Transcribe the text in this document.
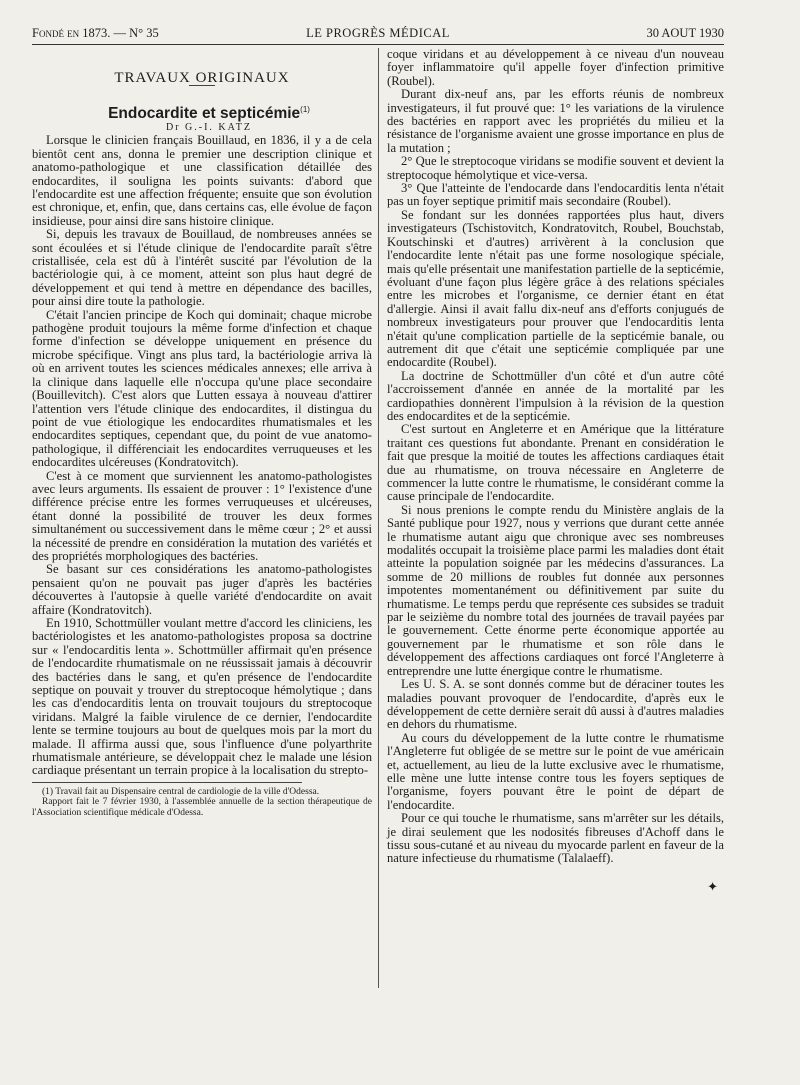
Fondé en 1873. — N° 35	LE PROGRÈS MÉDICAL	30 AOUT 1930

TRAVAUX ORIGINAUX

Endocardite et septicémie$^{(1)}$

Dr G.-I. KATZ

Lorsque le clinicien français Bouillaud, en 1836, il y a de cela bientôt cent ans, donna le premier une description clinique et anatomo-pathologique et une classification détaillée des endocardites, il souligna les points suivants: d'abord que l'endocardite est une affection fréquente; ensuite que son évolution est chronique, et, enfin, que, dans certains cas, elle évolue de façon insidieuse, pour ainsi dire sans histoire clinique.

Si, depuis les travaux de Bouillaud, de nombreuses années se sont écoulées et si l'étude clinique de l'endocardite paraît s'être cristallisée, cela est dû à l'intérêt suscité par l'évolution de la bactériologie qui, à ce moment, atteint son plus haut degré de développement et qui tend à mettre en dépendance des bacilles, pour ainsi dire toute la pathologie.

C'était l'ancien principe de Koch qui dominait; chaque microbe pathogène produit toujours la même forme d'infection et chaque forme d'infection se développe uniquement en présence du microbe spécifique. Vingt ans plus tard, la bactériologie arriva là où en arrivent toutes les sciences médicales annexes; elle arriva à la clinique dans laquelle elle n'occupa qu'une place secondaire (Bouillevitch). C'est alors que Lutten essaya à nouveau d'attirer l'attention vers l'étude clinique des endocardites, il distingua du point de vue étiologique les endocardites rhumatismales et les endocardites septiques, cependant que, du point de vue anatomo-pathologique, il différenciait les endocardites verruqueuses et les endocardites ulcéreuses (Kondratovitch).

C'est à ce moment que surviennent les anatomo-pathologistes avec leurs arguments. Ils essaient de prouver : 1° l'existence d'une différence précise entre les formes verruqueuses et ulcéreuses, étant donné la possibilité de trouver les deux formes simultanément ou successivement dans le même cœur ; 2° et aussi la nécessité de prendre en considération la mutation des variétés et des propriétés morphologiques des bactéries.

Se basant sur ces considérations les anatomo-pathologistes pensaient qu'on ne pouvait pas juger d'après les bactéries découvertes à l'autopsie à quelle variété d'endocardite on avait affaire (Kondratovitch).

En 1910, Schottmüller voulant mettre d'accord les cliniciens, les bactériologistes et les anatomo-pathologistes proposa sa doctrine sur « l'endocarditis lenta ». Schottmüller affirmait qu'en présence de l'endocardite rhumatismale on ne réussissait jamais à découvrir des bactéries dans le sang, et qu'en présence de l'endocardite septique on pouvait y trouver du streptocoque hémolytique ; dans les cas d'endocarditis lenta on trouvait toujours du streptocoque viridans. Malgré la faible virulence de ce dernier, l'endocardite lente se termine toujours au bout de quelques mois par la mort du malade. Il affirma aussi que, sous l'influence d'une polyarthrite rhumatismale antérieure, se développait chez le malade une lésion cardiaque présentant un terrain propice à la localisation du strepto-

(1) Travail fait au Dispensaire central de cardiologie de la ville d'Odessa.

Rapport fait le 7 février 1930, à l'assemblée annuelle de la section thérapeutique de l'Association scientifique médicale d'Odessa.

coque viridans et au développement à ce niveau d'un nouveau foyer inflammatoire qu'il appelle foyer d'infection primitive (Roubel).

Durant dix-neuf ans, par les efforts réunis de nombreux investigateurs, il fut prouvé que: 1° les variations de la virulence des bactéries en rapport avec les propriétés du milieu et la résistance de l'organisme avaient une grosse importance en plus de la mutation ;

2° Que le streptocoque viridans se modifie souvent et devient la streptocoque hémolytique et vice-versa.

3° Que l'atteinte de l'endocarde dans l'endocarditis lenta n'était pas un foyer septique primitif mais secondaire (Roubel).

Se fondant sur les données rapportées plus haut, divers investigateurs (Tschistovitch, Kondratovitch, Roubel, Bouchstab, Koutschinski et d'autres) arrivèrent à la conclusion que l'endocardite lente n'était pas une forme nosologique spéciale, mais qu'elle présentait une manifestation partielle de la septicémie, évoluant d'une façon plus légère grâce à des relations spéciales entre les microbes et l'organisme, ce dernier étant en état d'allergie. Ainsi il avait fallu dix-neuf ans d'efforts conjugués de nombreux investigateurs pour prouver que l'endocarditis lenta n'était qu'une complication partielle de la septicémie banale, ou autrement dit que c'était une septicémie compliquée par une endocardite (Roubel).

La doctrine de Schottmüller d'un côté et d'un autre côté l'accroissement d'année en année de la mortalité par les cardiopathies donnèrent l'impulsion à la révision de la question des endocardites et de la septicémie.

C'est surtout en Angleterre et en Amérique que la littérature traitant ces questions fut abondante. Prenant en considération le fait que presque la moitié de toutes les affections cardiaques était due au rhumatisme, on trouva nécessaire en Angleterre de commencer la lutte contre le rhumatisme, le considérant comme la cause principale de l'endocardite.

Si nous prenions le compte rendu du Ministère anglais de la Santé publique pour 1927, nous y verrions que durant cette année le rhumatisme autant aigu que chronique avec ses nombreuses modalités occupait la troisième place parmi les maladies dont était atteinte la population soignée par les médecins d'assurances. La somme de 20 millions de roubles fut donnée aux personnes impotentes momentanément ou définitivement par suite du rhumatisme. Le temps perdu que représente ces subsides se traduit par le seizième du nombre total des journées de travail payées par le gouvernement. Cette énorme perte économique apportée au gouvernement par le rhumatisme et son rôle dans le développement des affections cardiaques ont forcé l'Angleterre à entreprendre une lutte énergique contre le rhumatisme.

Les U. S. A. se sont donnés comme but de déraciner toutes les maladies pouvant provoquer de l'endocardite, d'après eux le développement de cette dernière serait dû aussi à d'autres maladies en dehors du rhumatisme.

Au cours du développement de la lutte contre le rhumatisme l'Angleterre fut obligée de se mettre sur le point de vue américain et, actuellement, au lieu de la lutte exclusive avec le rhumatisme, elle mène une lutte intense contre tous les foyers septiques de l'organisme, foyers pouvant être le point de départ de l'endocardite.

Pour ce qui touche le rhumatisme, sans m'arrêter sur les détails, je dirai seulement que les nodosités fibreuses d'Achoff dans le tissu sous-cutané et au niveau du myocarde parlent en faveur de la nature infectieuse du rhumatisme (Talalaeff).

✦
